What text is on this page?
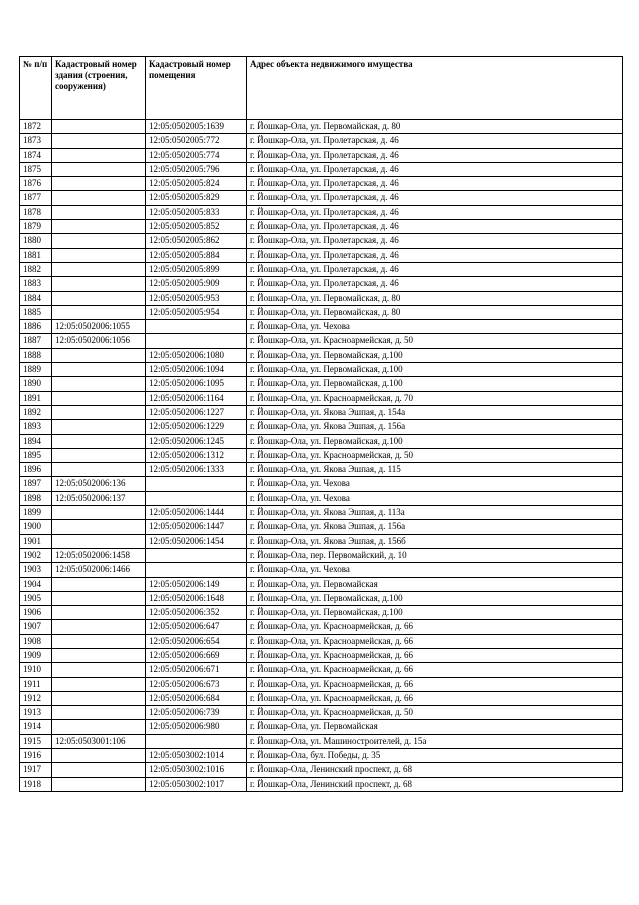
№ п/п	Кадастровый номер здания (строения, сооружения)	Кадастровый номер помещения	Адрес объекта недвижимого имущества
1872		12:05:0502005:1639	г. Йошкар-Ола, ул. Первомайская, д. 80
1873		12:05:0502005:772	г. Йошкар-Ола, ул. Пролетарская, д. 46
1874		12:05:0502005:774	г. Йошкар-Ола, ул. Пролетарская, д. 46
1875		12:05:0502005:796	г. Йошкар-Ола, ул. Пролетарская, д. 46
1876		12:05:0502005:824	г. Йошкар-Ола, ул. Пролетарская, д. 46
1877		12:05:0502005:829	г. Йошкар-Ола, ул. Пролетарская, д. 46
1878		12:05:0502005:833	г. Йошкар-Ола, ул. Пролетарская, д. 46
1879		12:05:0502005:852	г. Йошкар-Ола, ул. Пролетарская, д. 46
1880		12:05:0502005:862	г. Йошкар-Ола, ул. Пролетарская, д. 46
1881		12:05:0502005:884	г. Йошкар-Ола, ул. Пролетарская, д. 46
1882		12:05:0502005:899	г. Йошкар-Ола, ул. Пролетарская, д. 46
1883		12:05:0502005:909	г. Йошкар-Ола, ул. Пролетарская, д. 46
1884		12:05:0502005:953	г. Йошкар-Ола, ул. Первомайская, д. 80
1885		12:05:0502005:954	г. Йошкар-Ола, ул. Первомайская, д. 80
1886	12:05:0502006:1055		г. Йошкар-Ола, ул. Чехова
1887	12:05:0502006:1056		г. Йошкар-Ола, ул. Красноармейская, д. 50
1888		12:05:0502006:1080	г. Йошкар-Ола, ул. Первомайская, д.100
1889		12:05:0502006:1094	г. Йошкар-Ола, ул. Первомайская, д.100
1890		12:05:0502006:1095	г. Йошкар-Ола, ул. Первомайская, д.100
1891		12:05:0502006:1164	г. Йошкар-Ола, ул. Красноармейская, д. 70
1892		12:05:0502006:1227	г. Йошкар-Ола, ул. Якова Эшпая, д. 154а
1893		12:05:0502006:1229	г. Йошкар-Ола, ул. Якова Эшпая, д. 156а
1894		12:05:0502006:1245	г. Йошкар-Ола, ул. Первомайская, д.100
1895		12:05:0502006:1312	г. Йошкар-Ола, ул. Красноармейская, д. 50
1896		12:05:0502006:1333	г. Йошкар-Ола, ул. Якова Эшпая, д. 115
1897	12:05:0502006:136		г. Йошкар-Ола, ул. Чехова
1898	12:05:0502006:137		г. Йошкар-Ола, ул. Чехова
1899		12:05:0502006:1444	г. Йошкар-Ола, ул. Якова Эшпая, д. 113а
1900		12:05:0502006:1447	г. Йошкар-Ола, ул. Якова Эшпая, д. 156а
1901		12:05:0502006:1454	г. Йошкар-Ола, ул. Якова Эшпая, д. 156б
1902	12:05:0502006:1458		г. Йошкар-Ола, пер. Первомайский, д. 10
1903	12:05:0502006:1466		г. Йошкар-Ола, ул. Чехова
1904		12:05:0502006:149	г. Йошкар-Ола, ул. Первомайская
1905		12:05:0502006:1648	г. Йошкар-Ола, ул. Первомайская, д.100
1906		12:05:0502006:352	г. Йошкар-Ола, ул. Первомайская, д.100
1907		12:05:0502006:647	г. Йошкар-Ола, ул. Красноармейская, д. 66
1908		12:05:0502006:654	г. Йошкар-Ола, ул. Красноармейская, д. 66
1909		12:05:0502006:669	г. Йошкар-Ола, ул. Красноармейская, д. 66
1910		12:05:0502006:671	г. Йошкар-Ола, ул. Красноармейская, д. 66
1911		12:05:0502006:673	г. Йошкар-Ола, ул. Красноармейская, д. 66
1912		12:05:0502006:684	г. Йошкар-Ола, ул. Красноармейская, д. 66
1913		12:05:0502006:739	г. Йошкар-Ола, ул. Красноармейская, д. 50
1914		12:05:0502006:980	г. Йошкар-Ола, ул. Первомайская
1915	12:05:0503001:106		г. Йошкар-Ола, ул. Машиностроителей, д. 15а
1916		12:05:0503002:1014	г. Йошкар-Ола, бул. Победы, д. 35
1917		12:05:0503002:1016	г. Йошкар-Ола, Ленинский проспект, д. 68
1918		12:05:0503002:1017	г. Йошкар-Ола, Ленинский проспект, д. 68
